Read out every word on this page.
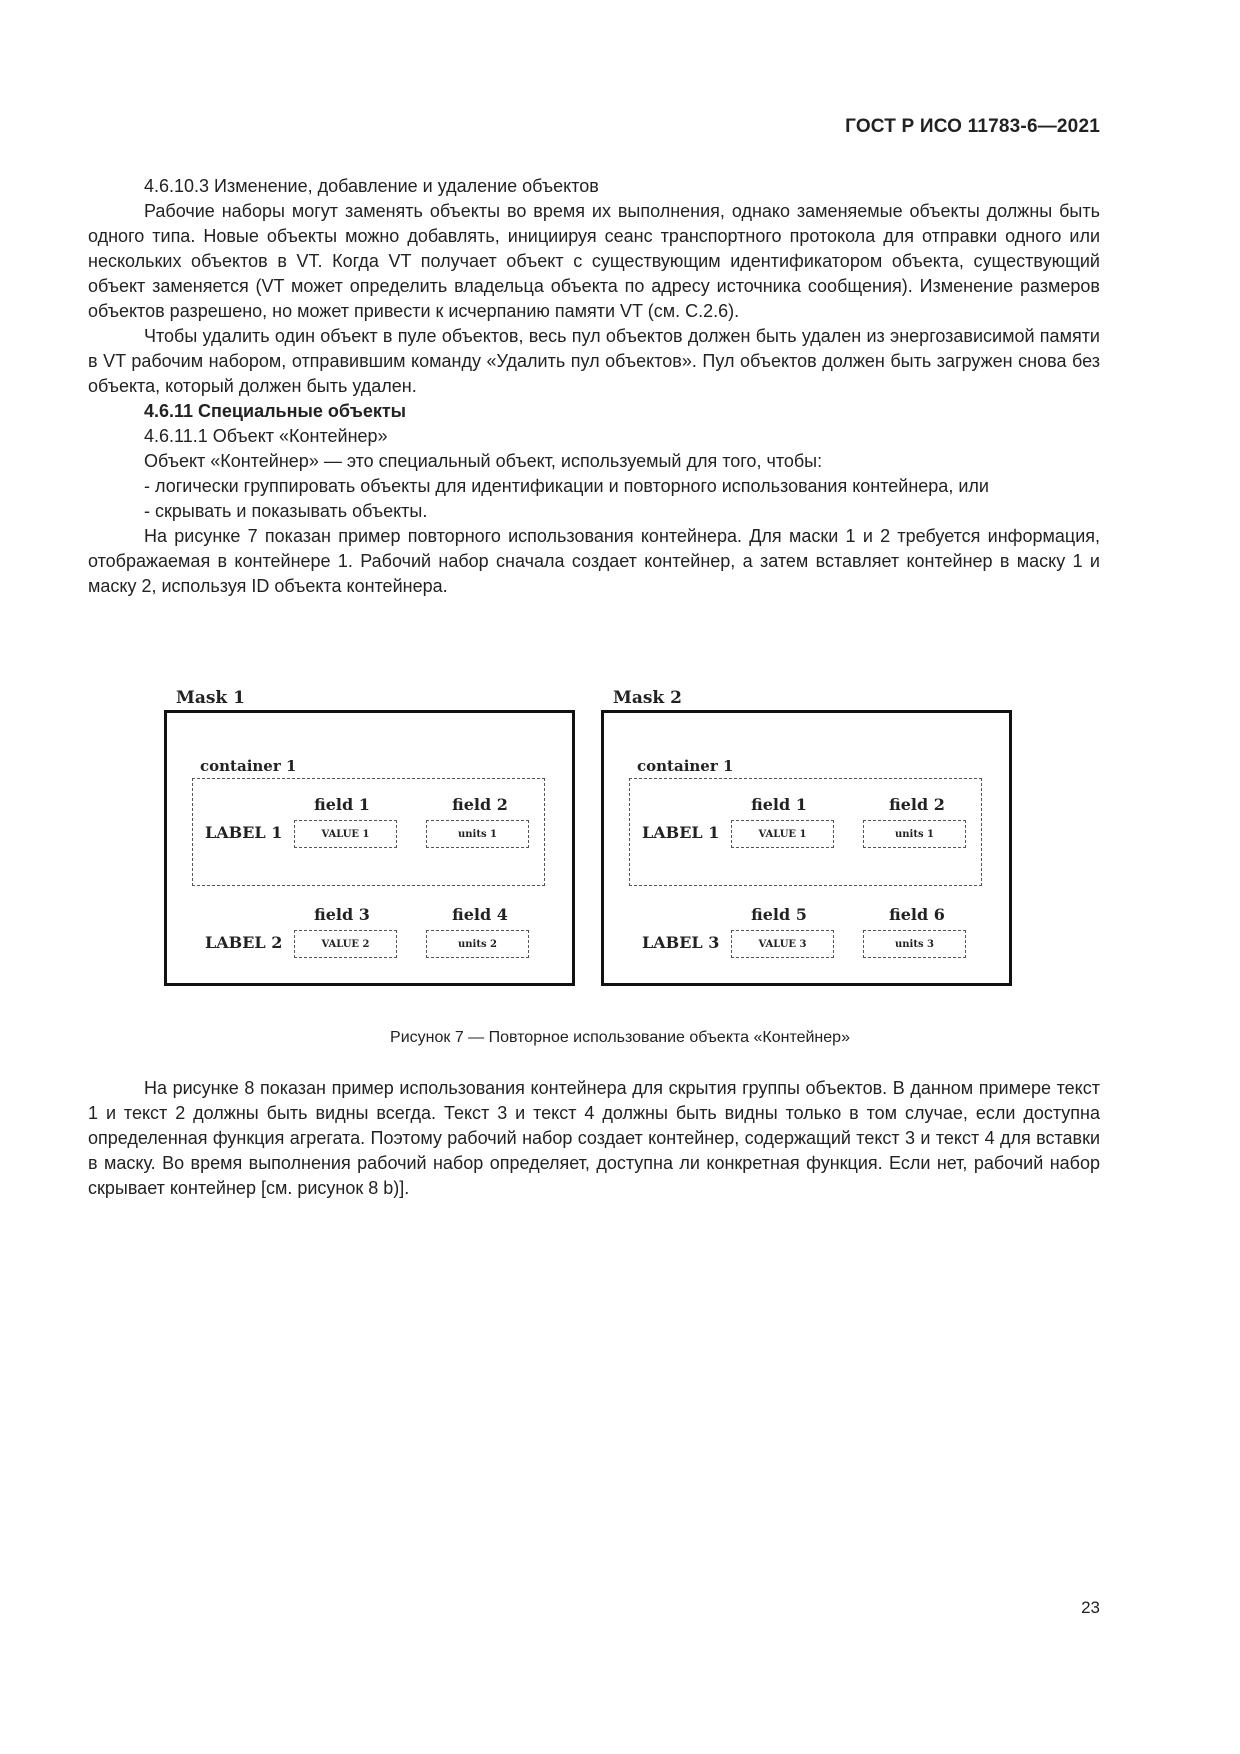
ГОСТ Р ИСО 11783-6—2021

4.6.10.3 Изменение, добавление и удаление объектов

Рабочие наборы могут заменять объекты во время их выполнения, однако заменяемые объекты должны быть одного типа. Новые объекты можно добавлять, инициируя сеанс транспортного протокола для отправки одного или нескольких объектов в VT. Когда VT получает объект с существующим идентификатором объекта, существующий объект заменяется (VT может определить владельца объекта по адресу источника сообщения). Изменение размеров объектов разрешено, но может привести к исчерпанию памяти VT (см. С.2.6).

Чтобы удалить один объект в пуле объектов, весь пул объектов должен быть удален из энергозависимой памяти в VT рабочим набором, отправившим команду «Удалить пул объектов». Пул объектов должен быть загружен снова без объекта, который должен быть удален.

4.6.11 Специальные объекты

4.6.11.1 Объект «Контейнер»

Объект «Контейнер» — это специальный объект, используемый для того, чтобы:

- логически группировать объекты для идентификации и повторного использования контейнера, или

- скрывать и показывать объекты.

На рисунке 7 показан пример повторного использования контейнера. Для маски 1 и 2 требуется информация, отображаемая в контейнере 1. Рабочий набор сначала создает контейнер, а затем вставляет контейнер в маску 1 и маску 2, используя ID объекта контейнера.

Mask 1
container 1
field 1	field 2
LABEL 1	VALUE 1	units 1
field 3	field 4
LABEL 2	VALUE 2	units 2
Mask 2
container 1
field 1	field 2
LABEL 1	VALUE 1	units 1
field 5	field 6
LABEL 3	VALUE 3	units 3
Рисунок 7 — Повторное использование объекта «Контейнер»

На рисунке 8 показан пример использования контейнера для скрытия группы объектов. В данном примере текст 1 и текст 2 должны быть видны всегда. Текст 3 и текст 4 должны быть видны только в том случае, если доступна определенная функция агрегата. Поэтому рабочий набор создает контейнер, содержащий текст 3 и текст 4 для вставки в маску. Во время выполнения рабочий набор определяет, доступна ли конкретная функция. Если нет, рабочий набор скрывает контейнер [см. рисунок 8 b)].

23
